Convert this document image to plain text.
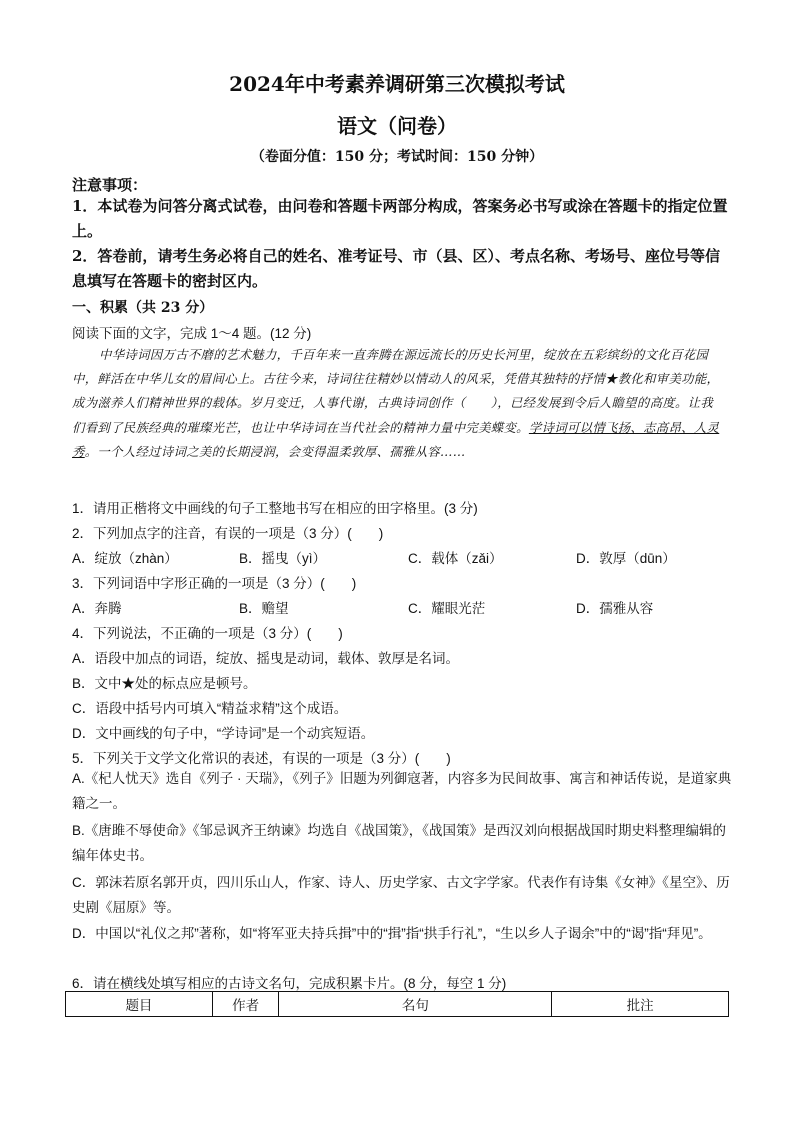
2024年中考素养调研第三次模拟考试
语文（问卷）
（卷面分值：150 分；考试时间：150 分钟）
注意事项：
1．本试卷为问答分离式试卷，由问卷和答题卡两部分构成，答案务必书写或涂在答题卡的指定位置上。
2．答卷前，请考生务必将自己的姓名、准考证号、市（县、区）、考点名称、考场号、座位号等信息填写在答题卡的密封区内。
一、积累（共 23 分）
阅读下面的文字，完成 1～4 题。(12 分)
中华诗词因万古不磨的艺术魅力，千百年来一直奔腾在源远流长的历史长河里，绽放在五彩缤纷的文化百花园中，鲜活在中华儿女的眉间心上。古往今来，诗词往往精妙以情动人的风采，凭借其独特的抒情★教化和审美功能，成为滋养人们精神世界的载体。岁月变迁，人事代谢，古典诗词创作（　　），已经发展到令后人瞻望的高度。让我们看到了民族经典的璀璨光芒，也让中华诗词在当代社会的精神力量中完美蝶变。学诗词可以情飞扬、志高昂、人灵秀。一个人经过诗词之美的长期浸润，会变得温柔敦厚、孺雅从容……
1．请用正楷将文中画线的句子工整地书写在相应的田字格里。(3 分)
2．下列加点字的注音，有误的一项是（3 分）(　　)
A．绽放（zhàn）	B．摇曳（yì）	C．载体（zǎi）	D．敦厚（dūn）
3．下列词语中字形正确的一项是（3 分）(　　)
A．奔腾	B．赡望	C．耀眼光茫	D．孺雅从容
4．下列说法，不正确的一项是（3 分）(　　)
A．语段中加点的词语，绽放、摇曳是动词，载体、敦厚是名词。
B．文中★处的标点应是顿号。
C．语段中括号内可填入“精益求精”这个成语。
D．文中画线的句子中，“学诗词”是一个动宾短语。
5．下列关于文学文化常识的表述，有误的一项是（3 分）(　　)
A.《杞人忧天》选自《列子 · 天瑞》，《列子》旧题为列御寇著，内容多为民间故事、寓言和神话传说，是道家典籍之一。
B.《唐雎不辱使命》《邹忌讽齐王纳谏》均选自《战国策》，《战国策》是西汉刘向根据战国时期史料整理编辑的编年体史书。
C．郭沫若原名郭开贞，四川乐山人，作家、诗人、历史学家、古文字学家。代表作有诗集《女神》《星空》、历史剧《屈原》等。
D．中国以“礼仪之邦”著称，如“将军亚夫持兵揖”中的“揖”指“拱手行礼”，“生以乡人子谒余”中的“谒”指“拜见”。
6．请在横线处填写相应的古诗文名句，完成积累卡片。(8 分，每空 1 分)
题目	作者	名句	批注
